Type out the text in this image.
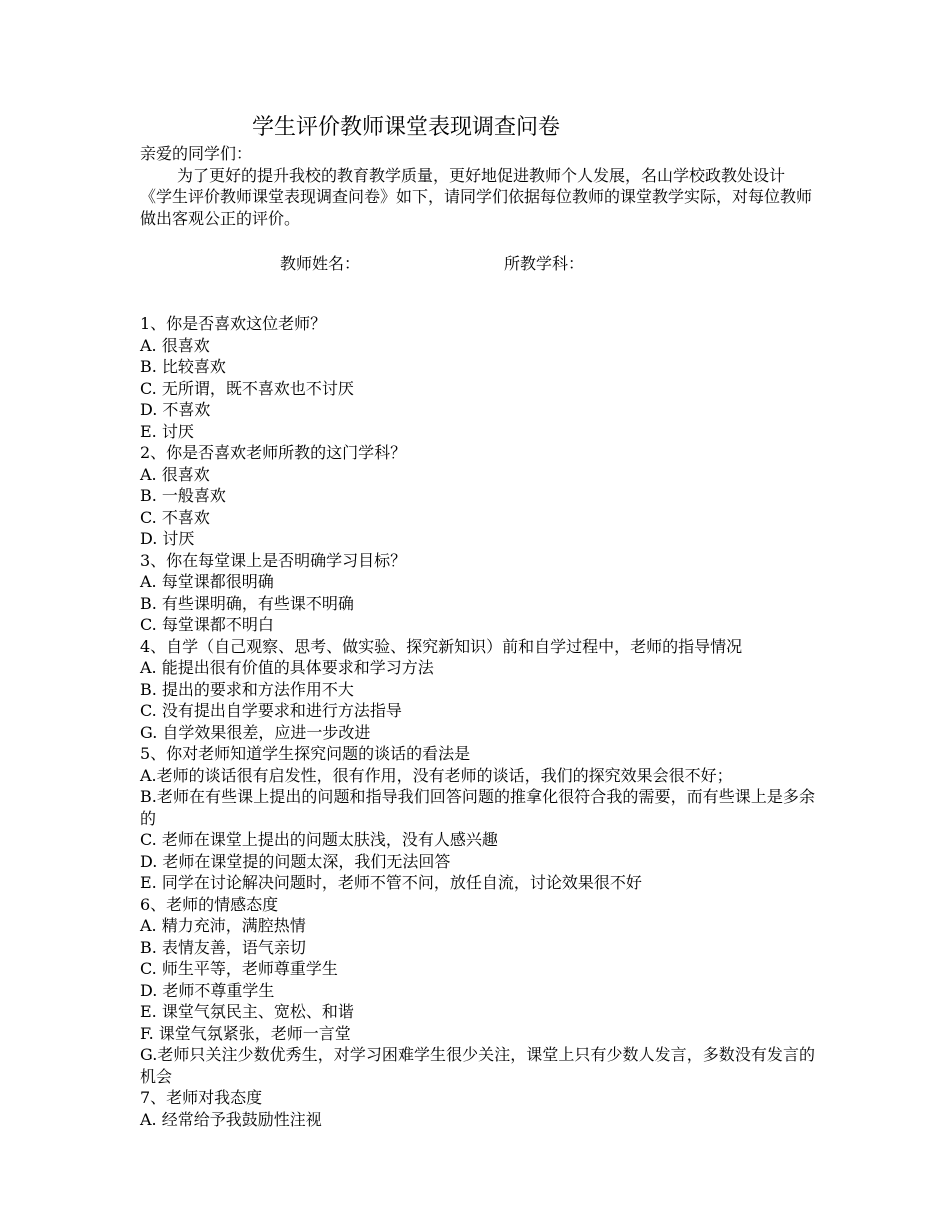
学生评价教师课堂表现调查问卷
亲爱的同学们：
为了更好的提升我校的教育教学质量，更好地促进教师个人发展，名山学校政教处设计《学生评价教师课堂表现调查问卷》如下，请同学们依据每位教师的课堂教学实际，对每位教师做出客观公正的评价。
教师姓名：	所教学科：
1、你是否喜欢这位老师？
A. 很喜欢
B. 比较喜欢
C. 无所谓，既不喜欢也不讨厌
D. 不喜欢
E. 讨厌
2、你是否喜欢老师所教的这门学科？
A. 很喜欢
B. 一般喜欢
C. 不喜欢
D. 讨厌
3、你在每堂课上是否明确学习目标？
A. 每堂课都很明确
B. 有些课明确，有些课不明确
C. 每堂课都不明白
4、自学（自己观察、思考、做实验、探究新知识）前和自学过程中，老师的指导情况
A. 能提出很有价值的具体要求和学习方法
B. 提出的要求和方法作用不大
C. 没有提出自学要求和进行方法指导
G. 自学效果很差，应进一步改进
5、你对老师知道学生探究问题的谈话的看法是
A.老师的谈话很有启发性，很有作用，没有老师的谈话，我们的探究效果会很不好；
B.老师在有些课上提出的问题和指导我们回答问题的推拿化很符合我的需要，而有些课上是多余的
C. 老师在课堂上提出的问题太肤浅，没有人感兴趣
D. 老师在课堂提的问题太深，我们无法回答
E. 同学在讨论解决问题时，老师不管不问，放任自流，讨论效果很不好
6、老师的情感态度
A. 精力充沛，满腔热情
B. 表情友善，语气亲切
C. 师生平等，老师尊重学生
D. 老师不尊重学生
E. 课堂气氛民主、宽松、和谐
F. 课堂气氛紧张，老师一言堂
G.老师只关注少数优秀生，对学习困难学生很少关注，课堂上只有少数人发言，多数没有发言的机会
7、老师对我态度
A. 经常给予我鼓励性注视
